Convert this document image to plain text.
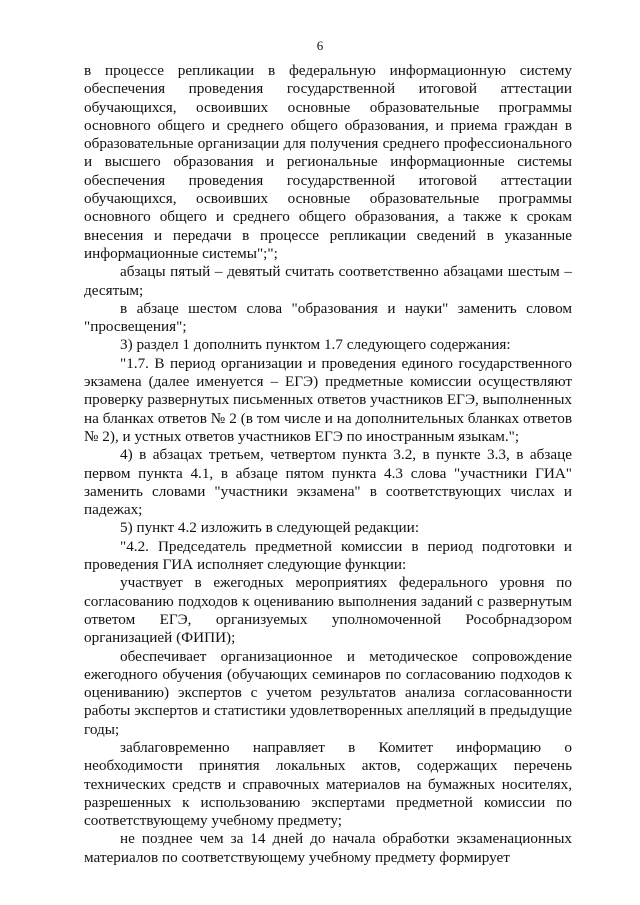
6

в процессе репликации в федеральную информационную систему обеспечения проведения государственной итоговой аттестации обучающихся, освоивших основные образовательные программы основного общего и среднего общего образования, и приема граждан в образовательные организации для получения среднего профессионального и высшего образования и региональные информационные системы обеспечения проведения государственной итоговой аттестации обучающихся, освоивших основные образовательные программы основного общего и среднего общего образования, а также к срокам внесения и передачи в процессе репликации сведений в указанные информационные системы";";

абзацы пятый – девятый считать соответственно абзацами шестым – десятым;

в абзаце шестом слова "образования и науки" заменить словом "просвещения";

3) раздел 1 дополнить пунктом 1.7 следующего содержания:

"1.7. В период организации и проведения единого государственного экзамена (далее именуется – ЕГЭ) предметные комиссии осуществляют проверку развернутых письменных ответов участников ЕГЭ, выполненных на бланках ответов № 2 (в том числе и на дополнительных бланках ответов № 2), и устных ответов участников ЕГЭ по иностранным языкам.";

4) в абзацах третьем, четвертом пункта 3.2, в пункте 3.3, в абзаце первом пункта 4.1, в абзаце пятом пункта 4.3 слова "участники ГИА" заменить словами "участники экзамена" в соответствующих числах и падежах;

5) пункт 4.2 изложить в следующей редакции:

"4.2. Председатель предметной комиссии в период подготовки и проведения ГИА исполняет следующие функции:

участвует в ежегодных мероприятиях федерального уровня по согласованию подходов к оцениванию выполнения заданий с развернутым ответом ЕГЭ, организуемых уполномоченной Рособрнадзором организацией (ФИПИ);

обеспечивает организационное и методическое сопровождение ежегодного обучения (обучающих семинаров по согласованию подходов к оцениванию) экспертов с учетом результатов анализа согласованности работы экспертов и статистики удовлетворенных апелляций в предыдущие годы;

заблаговременно направляет в Комитет информацию о необходимости принятия локальных актов, содержащих перечень технических средств и справочных материалов на бумажных носителях, разрешенных к использованию экспертами предметной комиссии по соответствующему учебному предмету;

не позднее чем за 14 дней до начала обработки экзаменационных материалов по соответствующему учебному предмету формирует
